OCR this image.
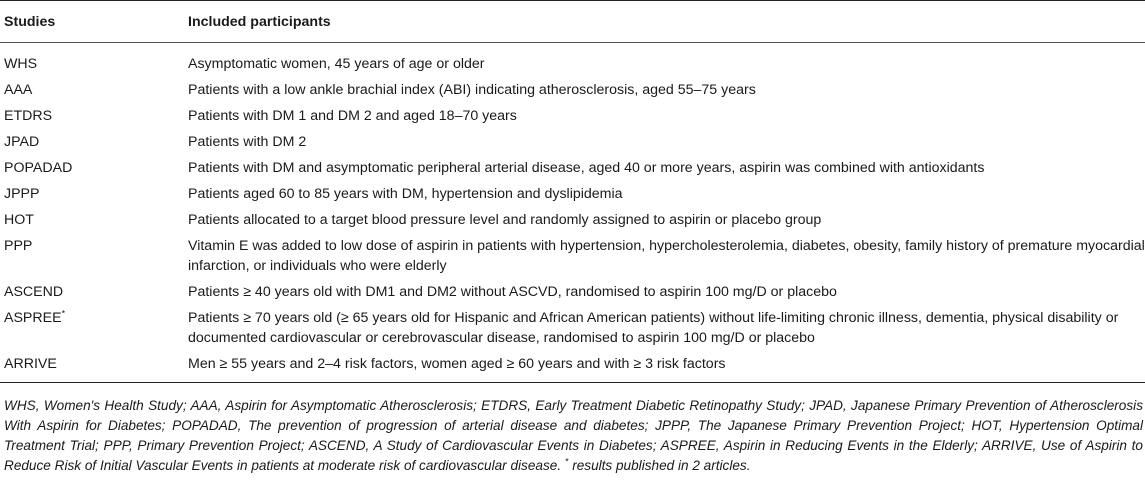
Studies	Included participants
WHS	Asymptomatic women, 45 years of age or older
AAA	Patients with a low ankle brachial index (ABI) indicating atherosclerosis, aged 55–75 years
ETDRS	Patients with DM 1 and DM 2 and aged 18–70 years
JPAD	Patients with DM 2
POPADAD	Patients with DM and asymptomatic peripheral arterial disease, aged 40 or more years, aspirin was combined with antioxidants
JPPP	Patients aged 60 to 85 years with DM, hypertension and dyslipidemia
HOT	Patients allocated to a target blood pressure level and randomly assigned to aspirin or placebo group
PPP	Vitamin E was added to low dose of aspirin in patients with hypertension, hypercholesterolemia, diabetes, obesity, family history of premature myocardial infarction, or individuals who were elderly
ASCEND	Patients ≥ 40 years old with DM1 and DM2 without ASCVD, randomised to aspirin 100 mg/D or placebo
ASPREE*	Patients ≥ 70 years old (≥ 65 years old for Hispanic and African American patients) without life-limiting chronic illness, dementia, physical disability or documented cardiovascular or cerebrovascular disease, randomised to aspirin 100 mg/D or placebo
ARRIVE	Men ≥ 55 years and 2–4 risk factors, women aged ≥ 60 years and with ≥ 3 risk factors

WHS, Women's Health Study; AAA, Aspirin for Asymptomatic Atherosclerosis; ETDRS, Early Treatment Diabetic Retinopathy Study; JPAD, Japanese Primary Prevention of Atherosclerosis With Aspirin for Diabetes; POPADAD, The prevention of progression of arterial disease and diabetes; JPPP, The Japanese Primary Prevention Project; HOT, Hypertension Optimal Treatment Trial; PPP, Primary Prevention Project; ASCEND, A Study of Cardiovascular Events in Diabetes; ASPREE, Aspirin in Reducing Events in the Elderly; ARRIVE, Use of Aspirin to Reduce Risk of Initial Vascular Events in patients at moderate risk of cardiovascular disease. * results published in 2 articles.
